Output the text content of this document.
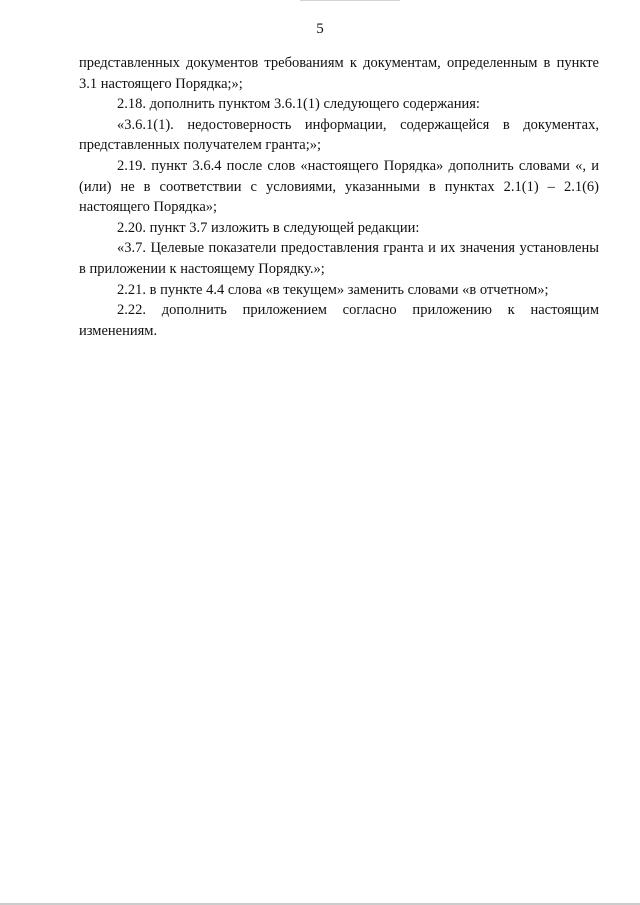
5

представленных документов требованиям к документам, определенным в пункте 3.1 настоящего Порядка;»;

2.18. дополнить пунктом 3.6.1(1) следующего содержания:

«3.6.1(1). недостоверность информации, содержащейся в документах, представленных получателем гранта;»;

2.19. пункт 3.6.4 после слов «настоящего Порядка» дополнить словами «, и (или) не в соответствии с условиями, указанными в пунктах 2.1(1) – 2.1(6) настоящего Порядка»;

2.20. пункт 3.7 изложить в следующей редакции:

«3.7. Целевые показатели предоставления гранта и их значения установлены в приложении к настоящему Порядку.»;

2.21. в пункте 4.4 слова «в текущем» заменить словами «в отчетном»;

2.22. дополнить приложением согласно приложению к настоящим изменениям.
